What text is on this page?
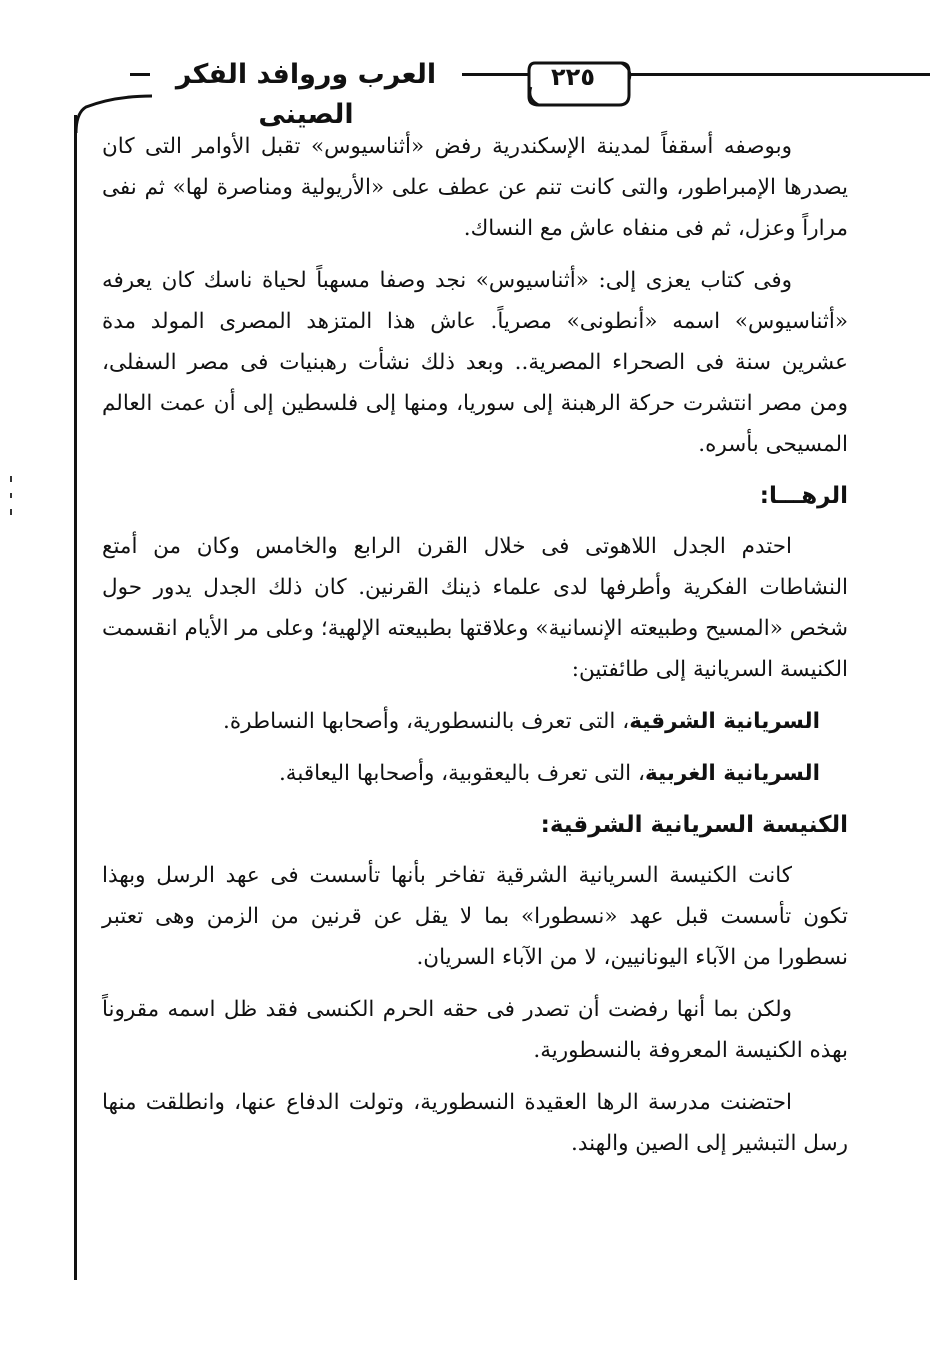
العرب وروافد الفكر الصينى
٢٢٥

وبوصفه أسقفاً لمدينة الإسكندرية رفض «أثناسيوس» تقبل الأوامر التى كان يصدرها الإمبراطور، والتى كانت تنم عن عطف على «الأريولية ومناصرة لها» ثم نفى مراراً وعزل، ثم فى منفاه عاش مع النساك.

وفى كتاب يعزى إلى: «أثناسيوس» نجد وصفا مسهباً لحياة ناسك كان يعرفه «أثناسيوس» اسمه «أنطونى» مصرياً. عاش هذا المتزهد المصرى المولد مدة عشرين سنة فى الصحراء المصرية.. وبعد ذلك نشأت رهبنيات فى مصر السفلى، ومن مصر انتشرت حركة الرهبنة إلى سوريا، ومنها إلى فلسطين إلى أن عمت العالم المسيحى بأسره.

الرهـــا:

احتدم الجدل اللاهوتى فى خلال القرن الرابع والخامس وكان من أمتع النشاطات الفكرية وأطرفها لدى علماء ذينك القرنين. كان ذلك الجدل يدور حول شخص «المسيح وطبيعته الإنسانية» وعلاقتها بطبيعته الإلهية؛ وعلى مر الأيام انقسمت الكنيسة السريانية إلى طائفتين:

السريانية الشرقية، التى تعرف بالنسطورية، وأصحابها النساطرة.

السريانية الغربية، التى تعرف باليعقوبية، وأصحابها اليعاقبة.

الكنيسة السريانية الشرقية:

كانت الكنيسة السريانية الشرقية تفاخر بأنها تأسست فى عهد الرسل وبهذا تكون تأسست قبل عهد «نسطورا» بما لا يقل عن قرنين من الزمن وهى تعتبر نسطورا من الآباء اليونانيين، لا من الآباء السريان.

ولكن بما أنها رفضت أن تصدر فى حقه الحرم الكنسى فقد ظل اسمه مقروناً بهذه الكنيسة المعروفة بالنسطورية.

احتضنت مدرسة الرها العقيدة النسطورية، وتولت الدفاع عنها، وانطلقت منها رسل التبشير إلى الصين والهند.
